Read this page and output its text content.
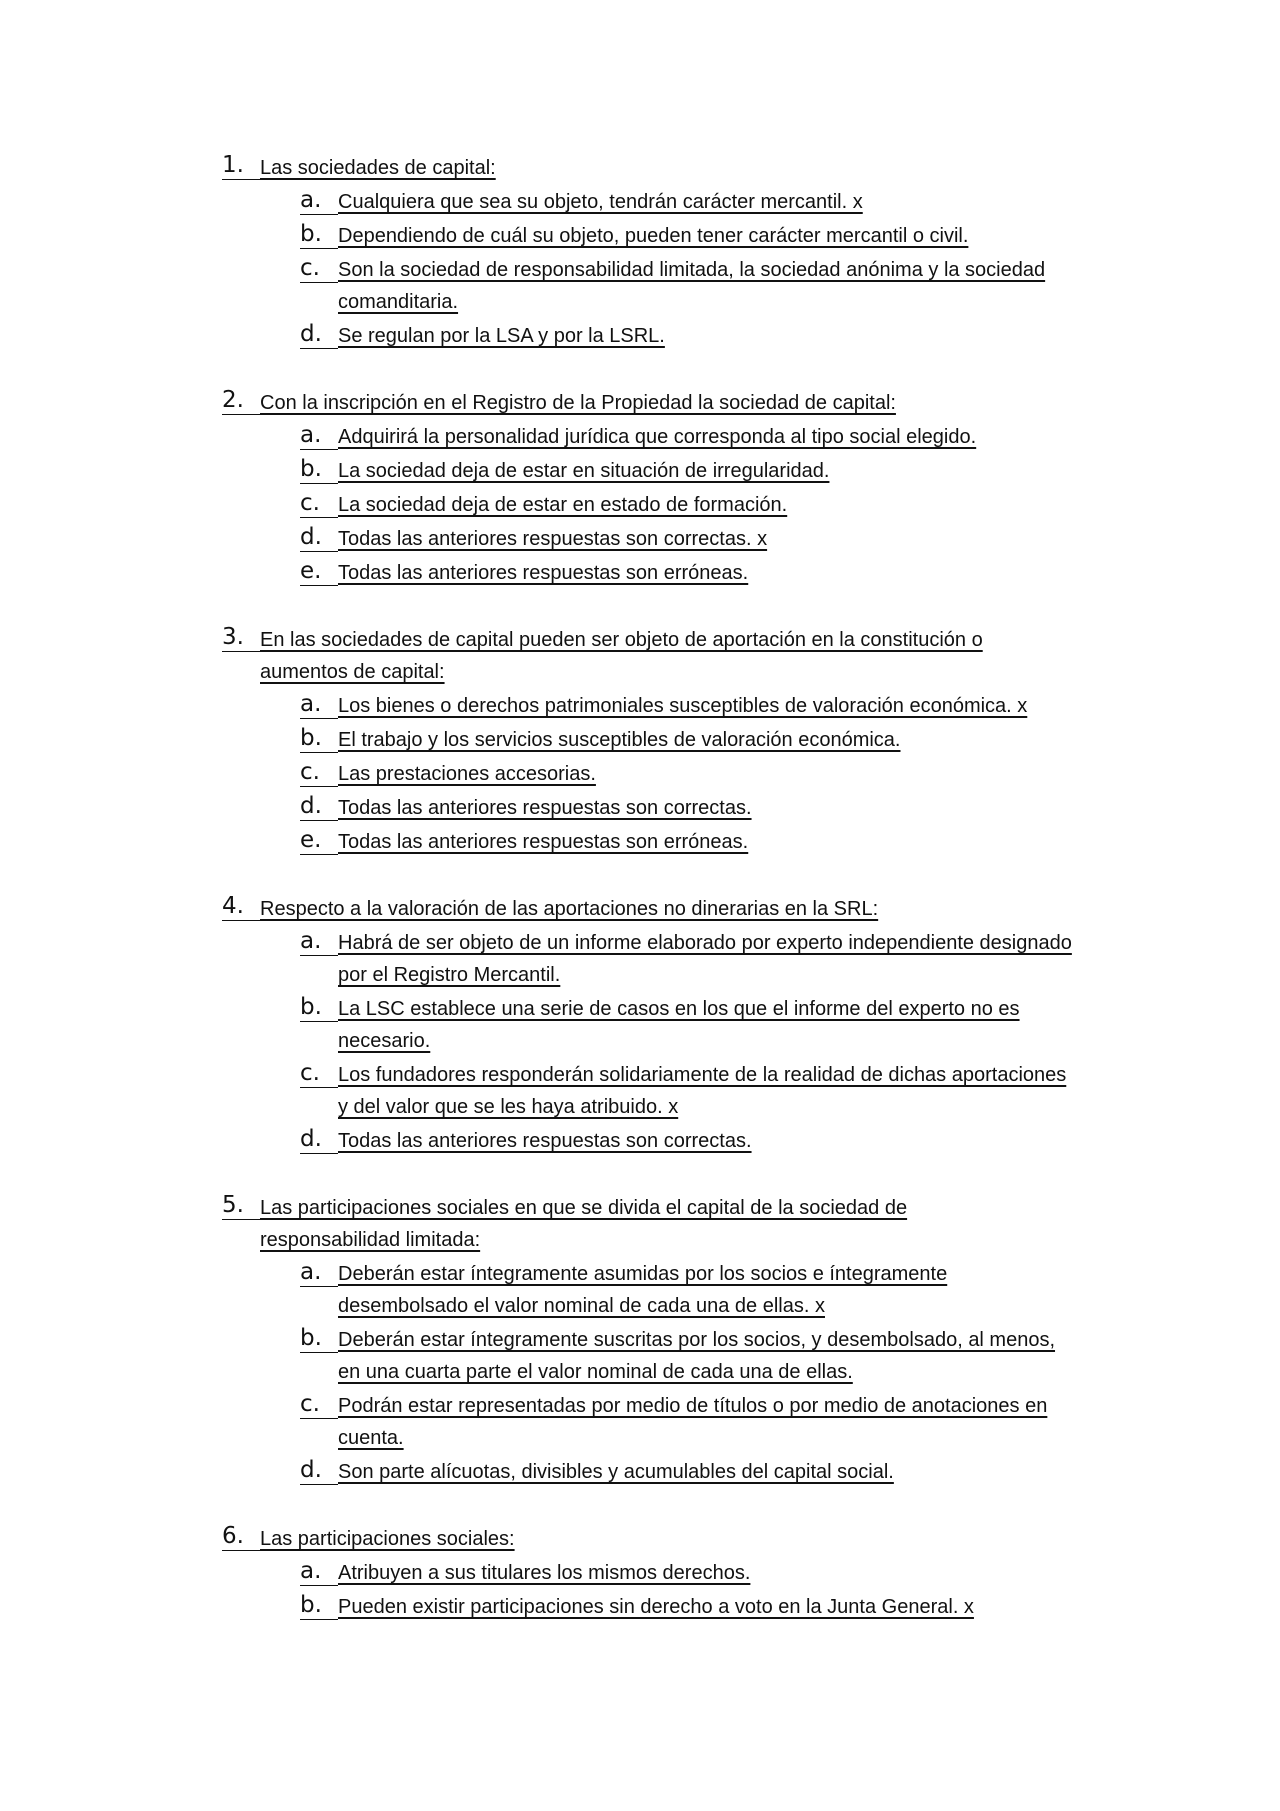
1. Las sociedades de capital:
a. Cualquiera que sea su objeto, tendrán carácter mercantil. x
b. Dependiendo de cuál su objeto, pueden tener carácter mercantil o civil.
c. Son la sociedad de responsabilidad limitada, la sociedad anónima y la sociedad comanditaria.
d. Se regulan por la LSA y por la LSRL.
2. Con la inscripción en el Registro de la Propiedad la sociedad de capital:
a. Adquirirá la personalidad jurídica que corresponda al tipo social elegido.
b. La sociedad deja de estar en situación de irregularidad.
c. La sociedad deja de estar en estado de formación.
d. Todas las anteriores respuestas son correctas. x
e. Todas las anteriores respuestas son erróneas.
3. En las sociedades de capital pueden ser objeto de aportación en la constitución o aumentos de capital:
a. Los bienes o derechos patrimoniales susceptibles de valoración económica. x
b. El trabajo y los servicios susceptibles de valoración económica.
c. Las prestaciones accesorias.
d. Todas las anteriores respuestas son correctas.
e. Todas las anteriores respuestas son erróneas.
4. Respecto a la valoración de las aportaciones no dinerarias en la SRL:
a. Habrá de ser objeto de un informe elaborado por experto independiente designado por el Registro Mercantil.
b. La LSC establece una serie de casos en los que el informe del experto no es necesario.
c. Los fundadores responderán solidariamente de la realidad de dichas aportaciones y del valor que se les haya atribuido. x
d. Todas las anteriores respuestas son correctas.
5. Las participaciones sociales en que se divida el capital de la sociedad de responsabilidad limitada:
a. Deberán estar íntegramente asumidas por los socios e íntegramente desembolsado el valor nominal de cada una de ellas. x
b. Deberán estar íntegramente suscritas por los socios, y desembolsado, al menos, en una cuarta parte el valor nominal de cada una de ellas.
c. Podrán estar representadas por medio de títulos o por medio de anotaciones en cuenta.
d. Son parte alícuotas, divisibles y acumulables del capital social.
6. Las participaciones sociales:
a. Atribuyen a sus titulares los mismos derechos.
b. Pueden existir participaciones sin derecho a voto en la Junta General. x
